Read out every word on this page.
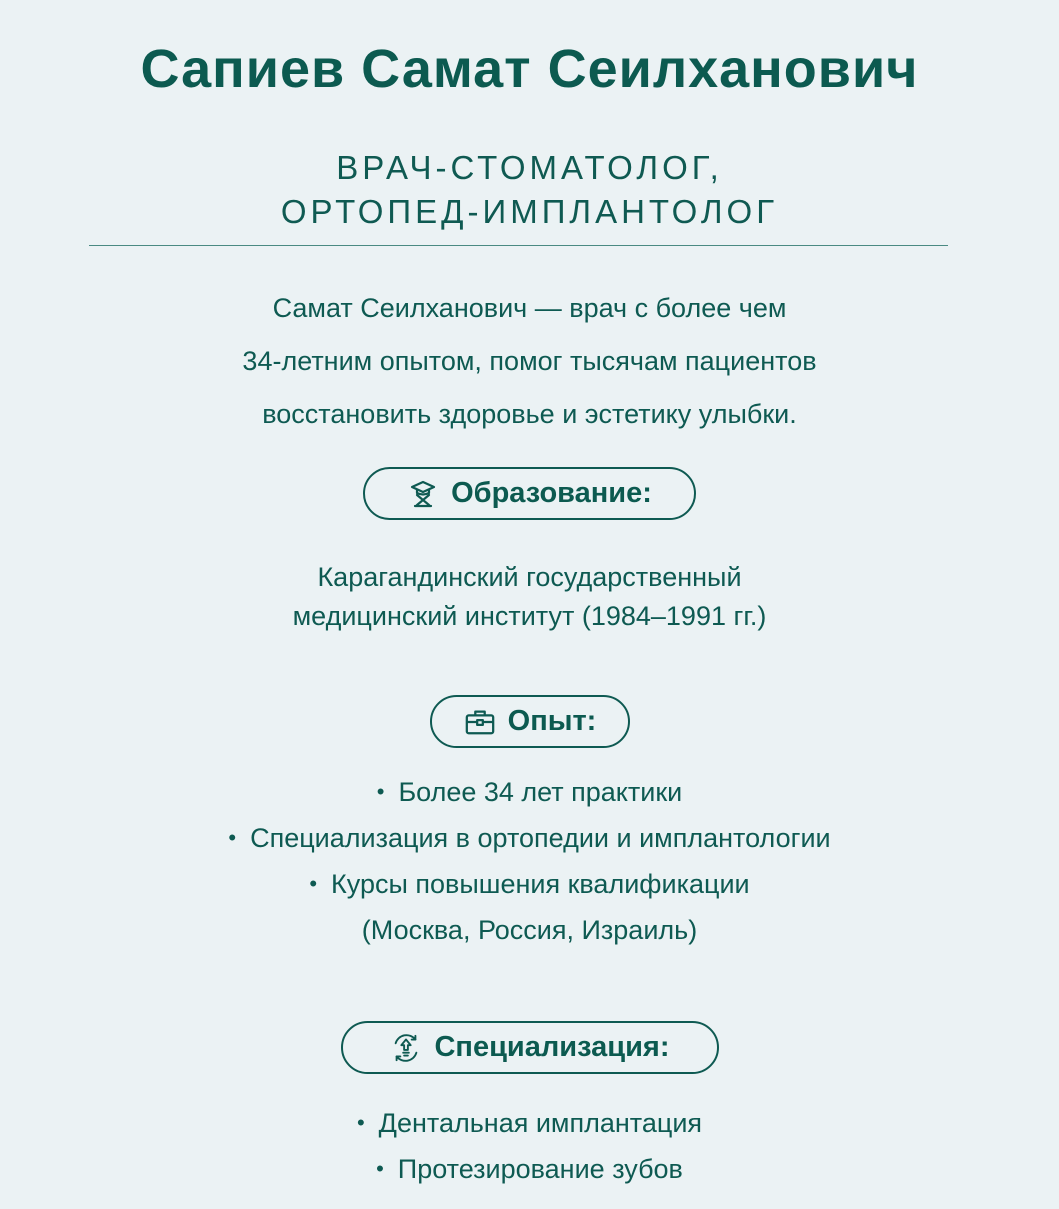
Сапиев Самат Сеилханович
ВРАЧ-СТОМАТОЛОГ,
ОРТОПЕД-ИМПЛАНТОЛОГ
Самат Сеилханович — врач с более чем
34-летним опытом, помог тысячам пациентов
восстановить здоровье и эстетику улыбки.
Образование:
Карагандинский государственный
медицинский институт (1984–1991 гг.)
Опыт:
• Более 34 лет практики
• Специализация в ортопедии и имплантологии
• Курсы повышения квалификации
(Москва, Россия, Израиль)
Специализация:
• Дентальная имплантация
• Протезирование зубов
